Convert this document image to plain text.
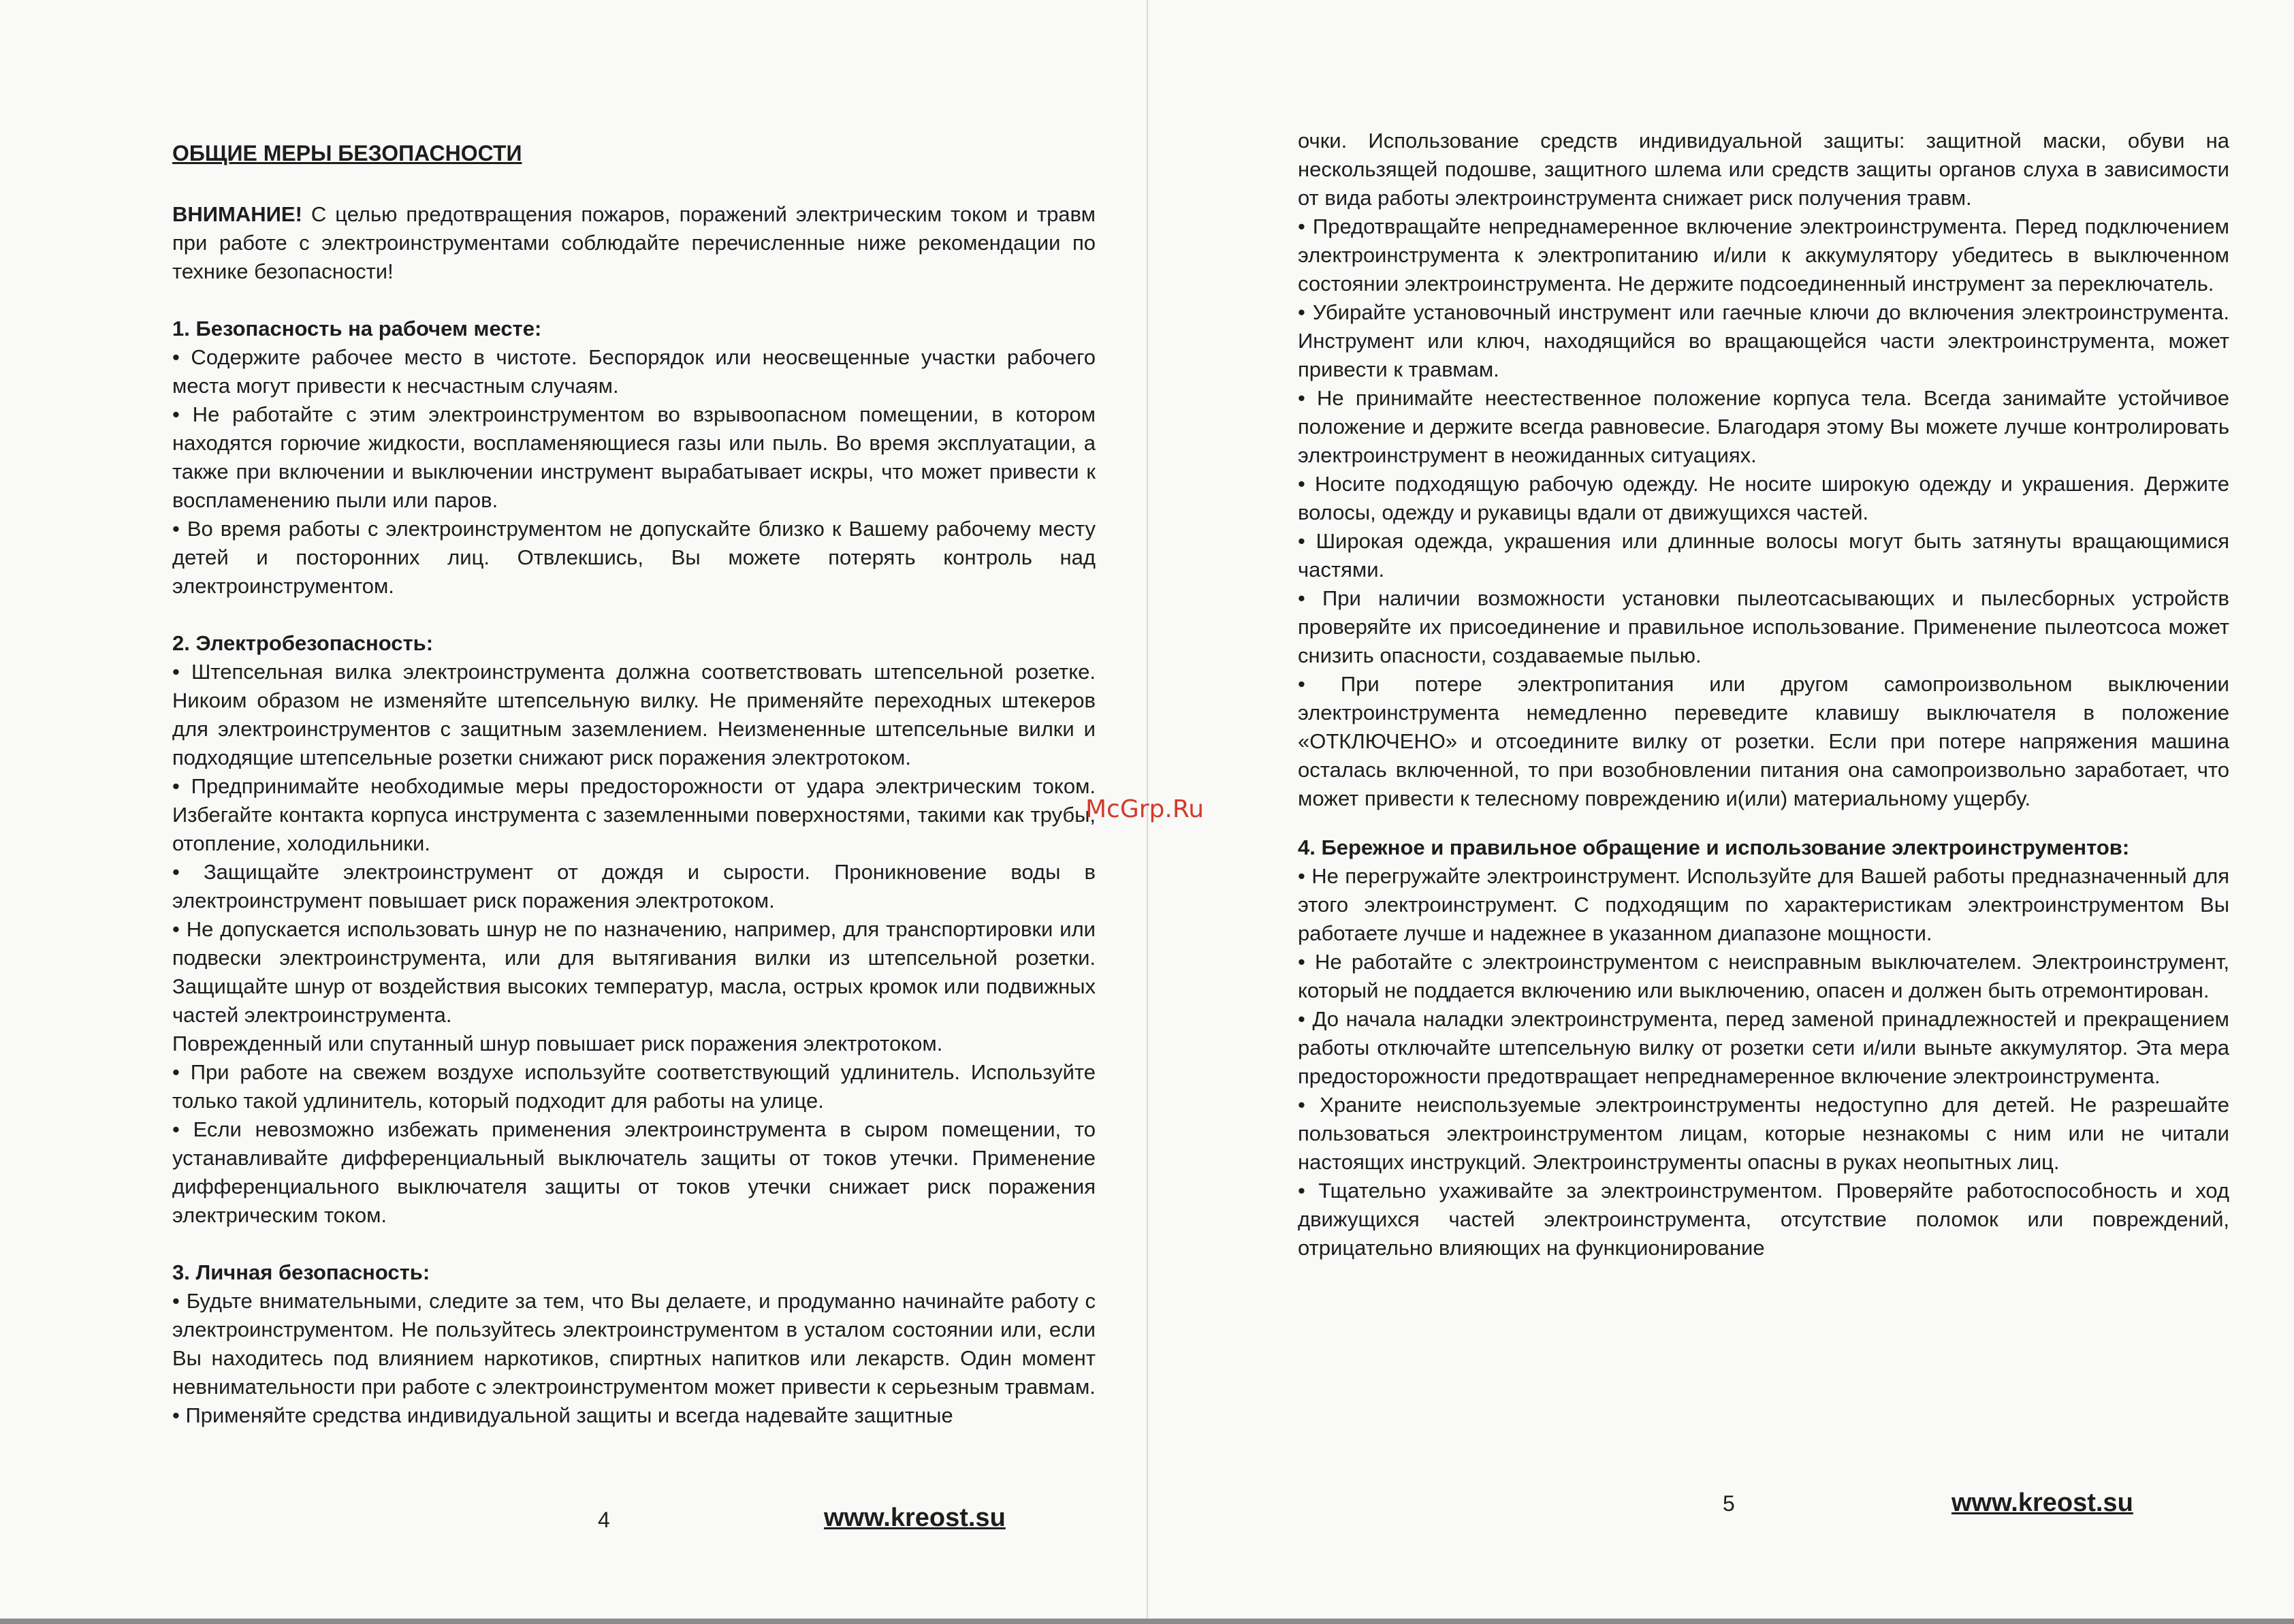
ОБЩИЕ МЕРЫ БЕЗОПАСНОСТИ

ВНИМАНИЕ! С целью предотвращения пожаров, поражений электрическим током и травм при работе с электроинструментами соблюдайте перечисленные ниже рекомендации по технике безопасности!

1. Безопасность на рабочем месте:

• Содержите рабочее место в чистоте. Беспорядок или неосвещенные участки рабочего места могут привести к несчастным случаям.

• Не работайте с этим электроинструментом во взрывоопасном помещении, в котором находятся горючие жидкости, воспламеняющиеся газы или пыль. Во время эксплуатации, а также при включении и выключении инструмент вырабатывает искры, что может привести к воспламенению пыли или паров.

• Во время работы с электроинструментом не допускайте близко к Вашему рабочему месту детей и посторонних лиц. Отвлекшись, Вы можете потерять контроль над электроинструментом.

2. Электробезопасность:

• Штепсельная вилка электроинструмента должна соответствовать штепсельной розетке. Никоим образом не изменяйте штепсельную вилку. Не применяйте переходных штекеров для электроинструментов с защитным заземлением. Неизмененные штепсельные вилки и подходящие штепсельные розетки снижают риск поражения электротоком.

• Предпринимайте необходимые меры предосторожности от удара электрическим током. Избегайте контакта корпуса инструмента с заземленными поверхностями, такими как трубы, отопление, холодильники.

• Защищайте электроинструмент от дождя и сырости. Проникновение воды в электроинструмент повышает риск поражения электротоком.

• Не допускается использовать шнур не по назначению, например, для транспортировки или подвески электроинструмента, или для вытягивания вилки из штепсельной розетки. Защищайте шнур от воздействия высоких температур, масла, острых кромок или подвижных частей электроинструмента.

Поврежденный или спутанный шнур повышает риск поражения электротоком.

• При работе на свежем воздухе используйте соответствующий удлинитель. Используйте только такой удлинитель, который подходит для работы на улице.

• Если невозможно избежать применения электроинструмента в сыром помещении, то устанавливайте дифференциальный выключатель защиты от токов утечки. Применение дифференциального выключателя защиты от токов утечки снижает риск поражения электрическим током.

3. Личная безопасность:

• Будьте внимательными, следите за тем, что Вы делаете, и продуманно начинайте работу с электроинструментом. Не пользуйтесь электроинструментом в усталом состоянии или, если Вы находитесь под влиянием наркотиков, спиртных напитков или лекарств. Один момент невнимательности при работе с электроинструментом может привести к серьезным травмам.

• Применяйте средства индивидуальной защиты и всегда надевайте защитные

4	www.kreost.su

очки. Использование средств индивидуальной защиты: защитной маски, обуви на нескользящей подошве, защитного шлема или средств защиты органов слуха в зависимости от вида работы электроинструмента снижает риск получения травм.

• Предотвращайте непреднамеренное включение электроинструмента. Перед подключением электроинструмента к электропитанию и/или к аккумулятору убедитесь в выключенном состоянии электроинструмента. Не держите подсоединенный инструмент за переключатель.

• Убирайте установочный инструмент или гаечные ключи до включения электроинструмента. Инструмент или ключ, находящийся во вращающейся части электроинструмента, может привести к травмам.

• Не принимайте неестественное положение корпуса тела. Всегда занимайте устойчивое положение и держите всегда равновесие. Благодаря этому Вы можете лучше контролировать электроинструмент в неожиданных ситуациях.

• Носите подходящую рабочую одежду. Не носите широкую одежду и украшения. Держите волосы, одежду и рукавицы вдали от движущихся частей.

• Широкая одежда, украшения или длинные волосы могут быть затянуты вращающимися частями.

• При наличии возможности установки пылеотсасывающих и пылесборных устройств проверяйте их присоединение и правильное использование. Применение пылеотсоса может снизить опасности, создаваемые пылью.

• При потере электропитания или другом самопроизвольном выключении электроинструмента немедленно переведите клавишу выключателя в положение «ОТКЛЮЧЕНО» и отсоедините вилку от розетки. Если при потере напряжения машина осталась включенной, то при возобновлении питания она самопроизвольно заработает, что может привести к телесному повреждению и(или) материальному ущербу.

4. Бережное и правильное обращение и использование электроинструментов:

• Не перегружайте электроинструмент. Используйте для Вашей работы предназначенный для этого электроинструмент. С подходящим по характеристикам электроинструментом Вы работаете лучше и надежнее в указанном диапазоне мощности.

• Не работайте с электроинструментом с неисправным выключателем. Электроинструмент, который не поддается включению или выключению, опасен и должен быть отремонтирован.

• До начала наладки электроинструмента, перед заменой принадлежностей и прекращением работы отключайте штепсельную вилку от розетки сети и/или выньте аккумулятор. Эта мера предосторожности предотвращает непреднамеренное включение электроинструмента.

• Храните неиспользуемые электроинструменты недоступно для детей. Не разрешайте пользоваться электроинструментом лицам, которые незнакомы с ним или не читали настоящих инструкций. Электроинструменты опасны в руках неопытных лиц.

• Тщательно ухаживайте за электроинструментом. Проверяйте работоспособность и ход движущихся частей электроинструмента, отсутствие поломок или повреждений, отрицательно влияющих на функционирование

5	www.kreost.su
McGrp.Ru
